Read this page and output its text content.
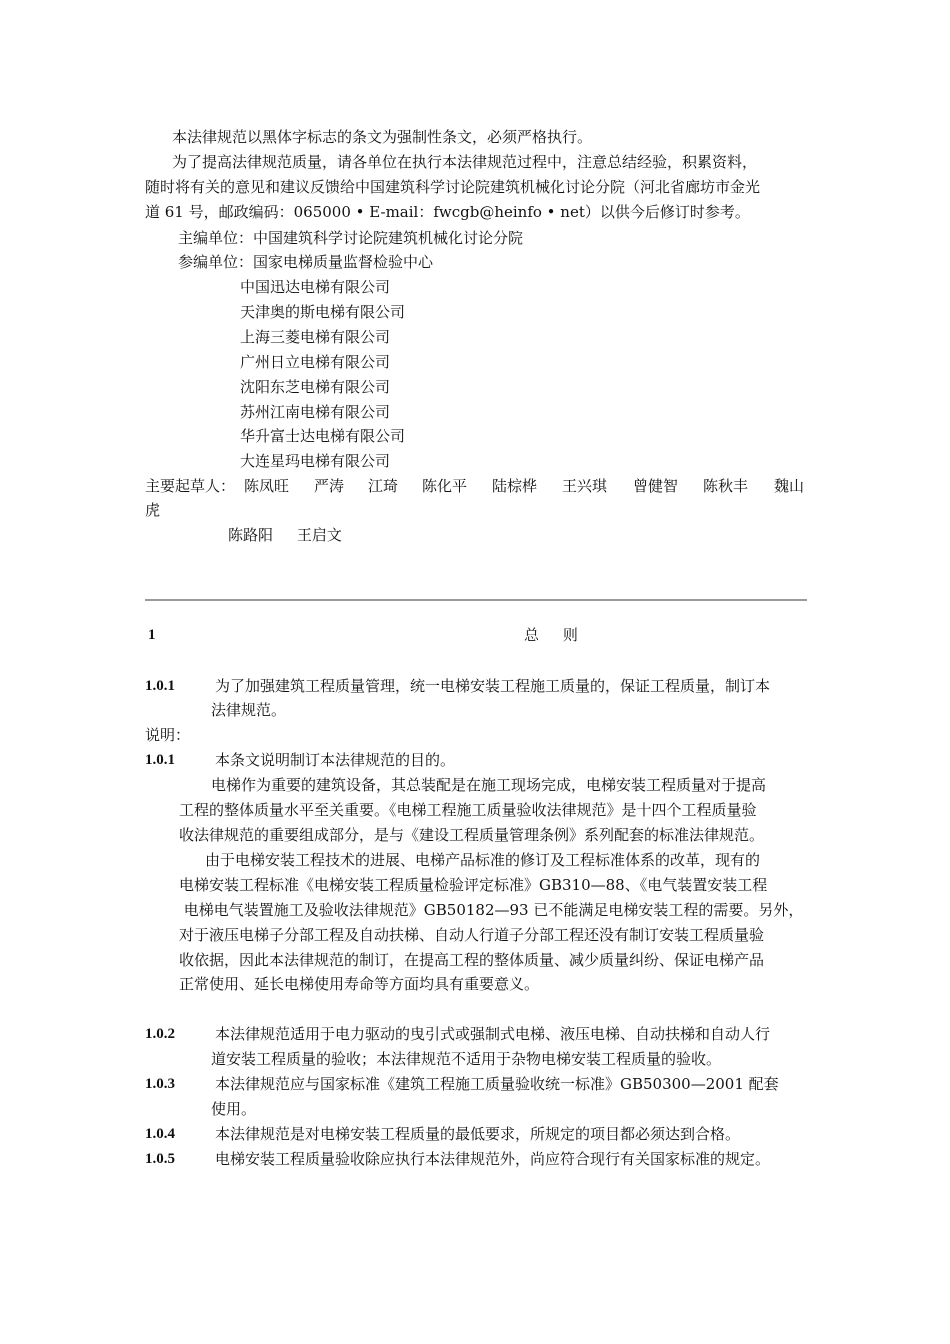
本法律规范以黑体字标志的条文为强制性条文，必须严格执行。
为了提高法律规范质量，请各单位在执行本法律规范过程中，注意总结经验，积累资料，
随时将有关的意见和建议反馈给中国建筑科学讨论院建筑机械化讨论分院（河北省廊坊市金光
道 61 号，邮政编码：065000 • E-mail：fwcgb@heinfo • net）以供今后修订时参考。
主编单位：中国建筑科学讨论院建筑机械化讨论分院
参编单位：国家电梯质量监督检验中心
中国迅达电梯有限公司
天津奥的斯电梯有限公司
上海三菱电梯有限公司
广州日立电梯有限公司
沈阳东芝电梯有限公司
苏州江南电梯有限公司
华升富士达电梯有限公司
大连星玛电梯有限公司
主要起草人： 陈凤旺 严涛 江琦 陈化平 陆棕桦 王兴琪 曾健智 陈秋丰 魏山
虎
陈路阳     王启文
1	总     则
1.0.1	为了加强建筑工程质量管理，统一电梯安装工程施工质量的，保证工程质量，制订本
法律规范。
说明：
1.0.1	本条文说明制订本法律规范的目的。
电梯作为重要的建筑设备，其总装配是在施工现场完成，电梯安装工程质量对于提高
工程的整体质量水平至关重要。《电梯工程施工质量验收法律规范》是十四个工程质量验
收法律规范的重要组成部分，是与《建设工程质量管理条例》系列配套的标准法律规范。
由于电梯安装工程技术的进展、电梯产品标准的修订及工程标准体系的改革，现有的
电梯安装工程标准《电梯安装工程质量检验评定标准》GB310—88、《电气装置安装工程
电梯电气装置施工及验收法律规范》GB50182—93 已不能满足电梯安装工程的需要。另外，
对于液压电梯子分部工程及自动扶梯、自动人行道子分部工程还没有制订安装工程质量验
收依据，因此本法律规范的制订，在提高工程的整体质量、减少质量纠纷、保证电梯产品
正常使用、延长电梯使用寿命等方面均具有重要意义。
1.0.2	本法律规范适用于电力驱动的曳引式或强制式电梯、液压电梯、自动扶梯和自动人行
道安装工程质量的验收；本法律规范不适用于杂物电梯安装工程质量的验收。
1.0.3	本法律规范应与国家标准《建筑工程施工质量验收统一标准》GB50300—2001 配套
使用。
1.0.4	本法律规范是对电梯安装工程质量的最低要求，所规定的项目都必须达到合格。
1.0.5	电梯安装工程质量验收除应执行本法律规范外，尚应符合现行有关国家标准的规定。
